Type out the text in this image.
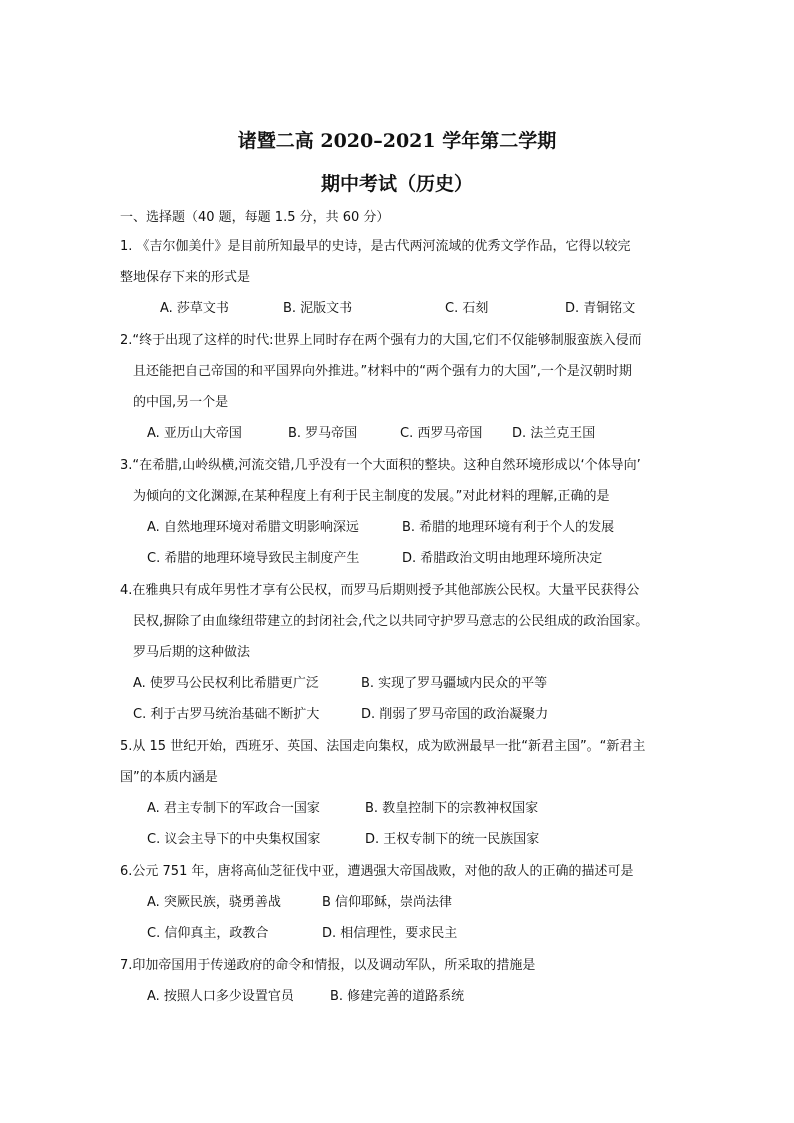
诸暨二高 2020–2021 学年第二学期
期中考试（历史）
一、选择题（40 题，每题 1.5 分，共 60 分）
1. 《吉尔伽美什》是目前所知最早的史诗，是古代两河流域的优秀文学作品，它得以较完
整地保存下来的形式是
A. 莎草文书	B. 泥版文书	C. 石刻	D. 青铜铭文
2.“终于出现了这样的时代:世界上同时存在两个强有力的大国,它们不仅能够制服蛮族入侵而
且还能把自己帝国的和平国界向外推进。”材料中的“两个强有力的大国”,一个是汉朝时期
的中国,另一个是
A. 亚历山大帝国	B. 罗马帝国	C. 西罗马帝国 D. 法兰克王国
3.“在希腊,山岭纵横,河流交错,几乎没有一个大面积的整块。这种自然环境形成以‘个体导向’
为倾向的文化渊源,在某种程度上有利于民主制度的发展。”对此材料的理解,正确的是
A. 自然地理环境对希腊文明影响深远	B. 希腊的地理环境有利于个人的发展
C. 希腊的地理环境导致民主制度产生	D. 希腊政治文明由地理环境所决定
4.在雅典只有成年男性才享有公民权，而罗马后期则授予其他部族公民权。大量平民获得公
民权,摒除了由血缘纽带建立的封闭社会,代之以共同守护罗马意志的公民组成的政治国家。
罗马后期的这种做法
A. 使罗马公民权利比希腊更广泛	B. 实现了罗马疆域内民众的平等
C. 利于古罗马统治基础不断扩大	D. 削弱了罗马帝国的政治凝聚力
5.从 15 世纪开始，西班牙、英国、法国走向集权，成为欧洲最早一批“新君主国”。“新君主
国”的本质内涵是
A. 君主专制下的军政合一国家	B. 教皇控制下的宗教神权国家
C. 议会主导下的中央集权国家	D. 王权专制下的统一民族国家
6.公元 751 年，唐将高仙芝征伐中亚，遭遇强大帝国战败，对他的敌人的正确的描述可是
A. 突厥民族，骁勇善战	B 信仰耶稣，崇尚法律
C. 信仰真主，政教合	D. 相信理性，要求民主
7.印加帝国用于传递政府的命令和情报，以及调动军队，所采取的措施是
A. 按照人口多少设置官员	B. 修建完善的道路系统
